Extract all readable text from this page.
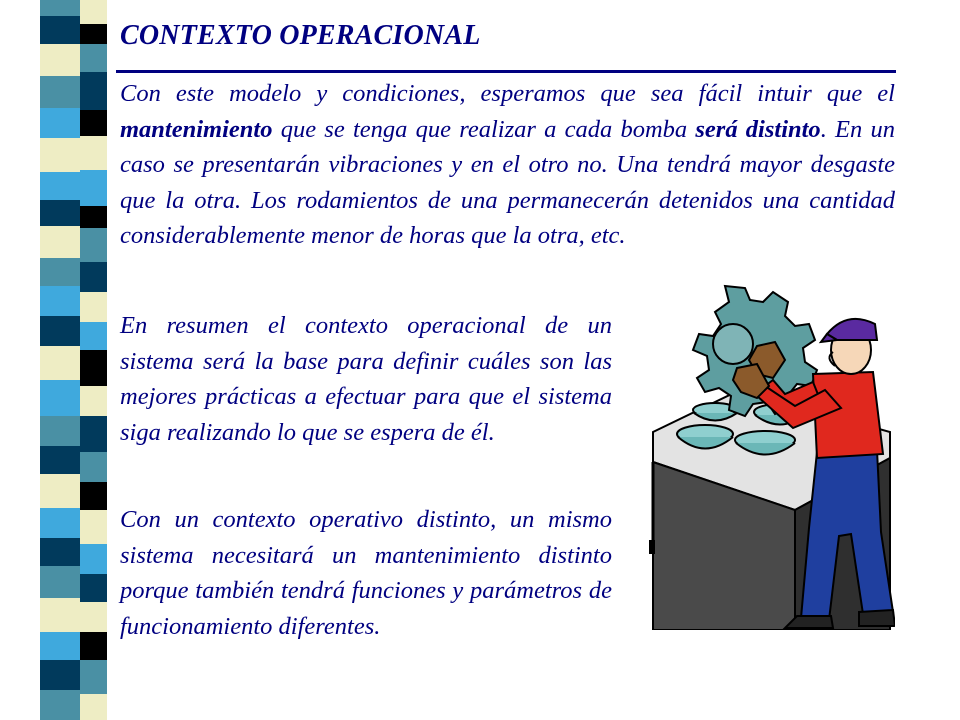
CONTEXTO OPERACIONAL

Con este modelo y condiciones, esperamos que sea fácil intuir que el mantenimiento que se tenga que realizar a cada bomba será distinto. En un caso se presentarán vibraciones y en el otro no. Una tendrá mayor desgaste que la otra. Los rodamientos de una permanecerán detenidos una cantidad considerablemente menor de horas que la otra, etc.

En resumen el contexto operacional de un sistema será la base para definir cuáles son las mejores prácticas a efectuar para que el sistema siga realizando lo que se espera de él.

Con un contexto operativo distinto, un mismo sistema necesitará un mantenimiento distinto porque también tendrá funciones y parámetros de funcionamiento diferentes.
